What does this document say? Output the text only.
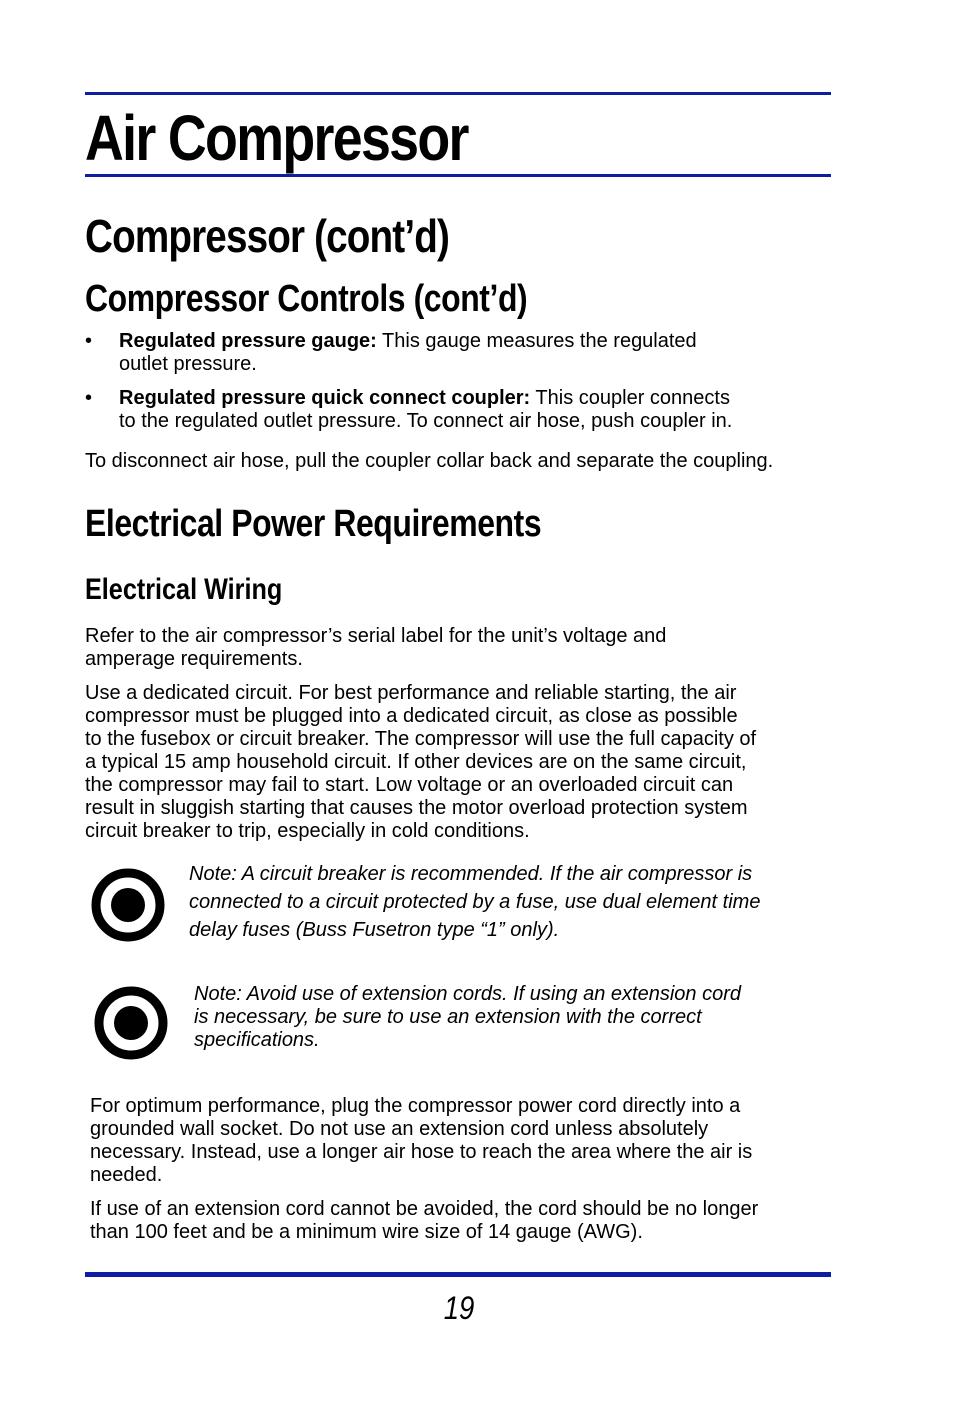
Air Compressor
Compressor (cont’d)
Compressor Controls (cont’d)
• Regulated pressure gauge: This gauge measures the regulated
outlet pressure.

• Regulated pressure quick connect coupler: This coupler connects
to the regulated outlet pressure. To connect air hose, push coupler in.

To disconnect air hose, pull the coupler collar back and separate the coupling.

Electrical Power Requirements
Electrical Wiring

Refer to the air compressor’s serial label for the unit’s voltage and
amperage requirements.

Use a dedicated circuit. For best performance and reliable starting, the air
compressor must be plugged into a dedicated circuit, as close as possible
to the fusebox or circuit breaker. The compressor will use the full capacity of
a typical 15 amp household circuit. If other devices are on the same circuit,
the compressor may fail to start. Low voltage or an overloaded circuit can
result in sluggish starting that causes the motor overload protection system
circuit breaker to trip, especially in cold conditions.

Note: A circuit breaker is recommended. If the air compressor is
connected to a circuit protected by a fuse, use dual element time
delay fuses (Buss Fusetron type “1” only).

Note: Avoid use of extension cords. If using an extension cord
is necessary, be sure to use an extension with the correct
specifications.

For optimum performance, plug the compressor power cord directly into a
grounded wall socket. Do not use an extension cord unless absolutely
necessary. Instead, use a longer air hose to reach the area where the air is
needed.

If use of an extension cord cannot be avoided, the cord should be no longer
than 100 feet and be a minimum wire size of 14 gauge (AWG).

19
